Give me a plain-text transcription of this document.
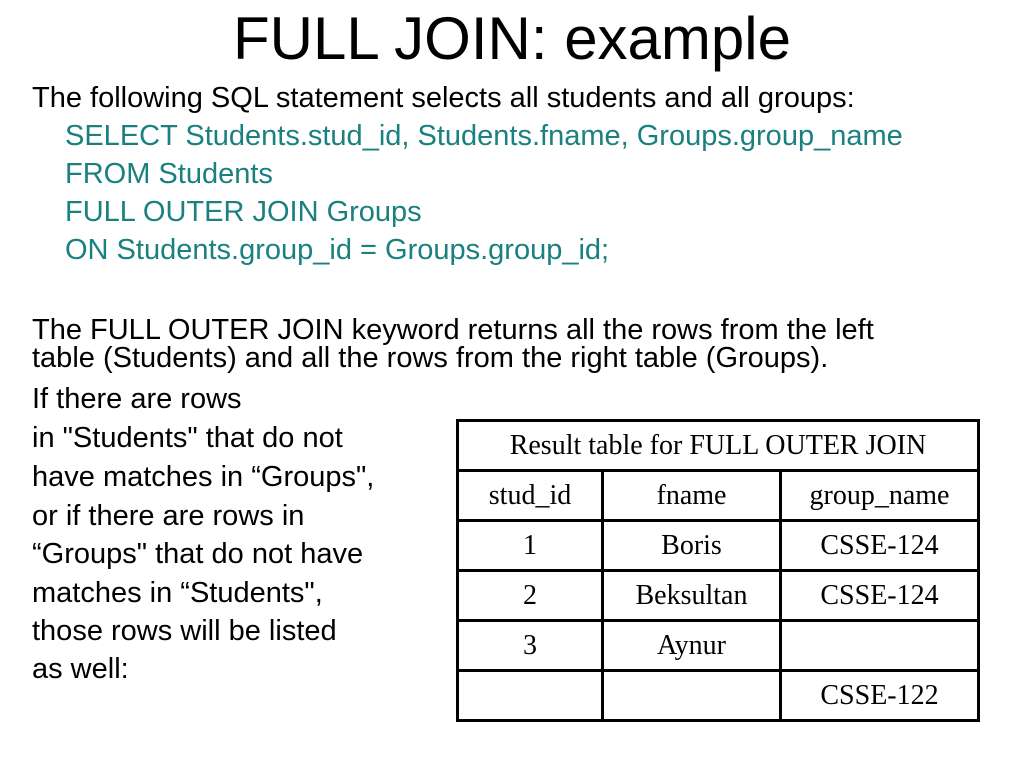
FULL JOIN: example
The following SQL statement selects all students and all groups:
SELECT Students.stud_id, Students.fname, Groups.group_name
FROM Students
FULL OUTER JOIN Groups
ON Students.group_id = Groups.group_id;
The FULL OUTER JOIN keyword returns all the rows from the left
table (Students) and all the rows from the right table (Groups).
If there are rows
in "Students" that do not
have matches in “Groups",
or if there are rows in
“Groups" that do not have
matches in “Students",
those rows will be listed
as well:
Result table for FULL OUTER JOIN		
stud_id	fname	group_name
1	Boris	CSSE-124
2	Beksultan	CSSE-124
3	Aynur	
		CSSE-122
